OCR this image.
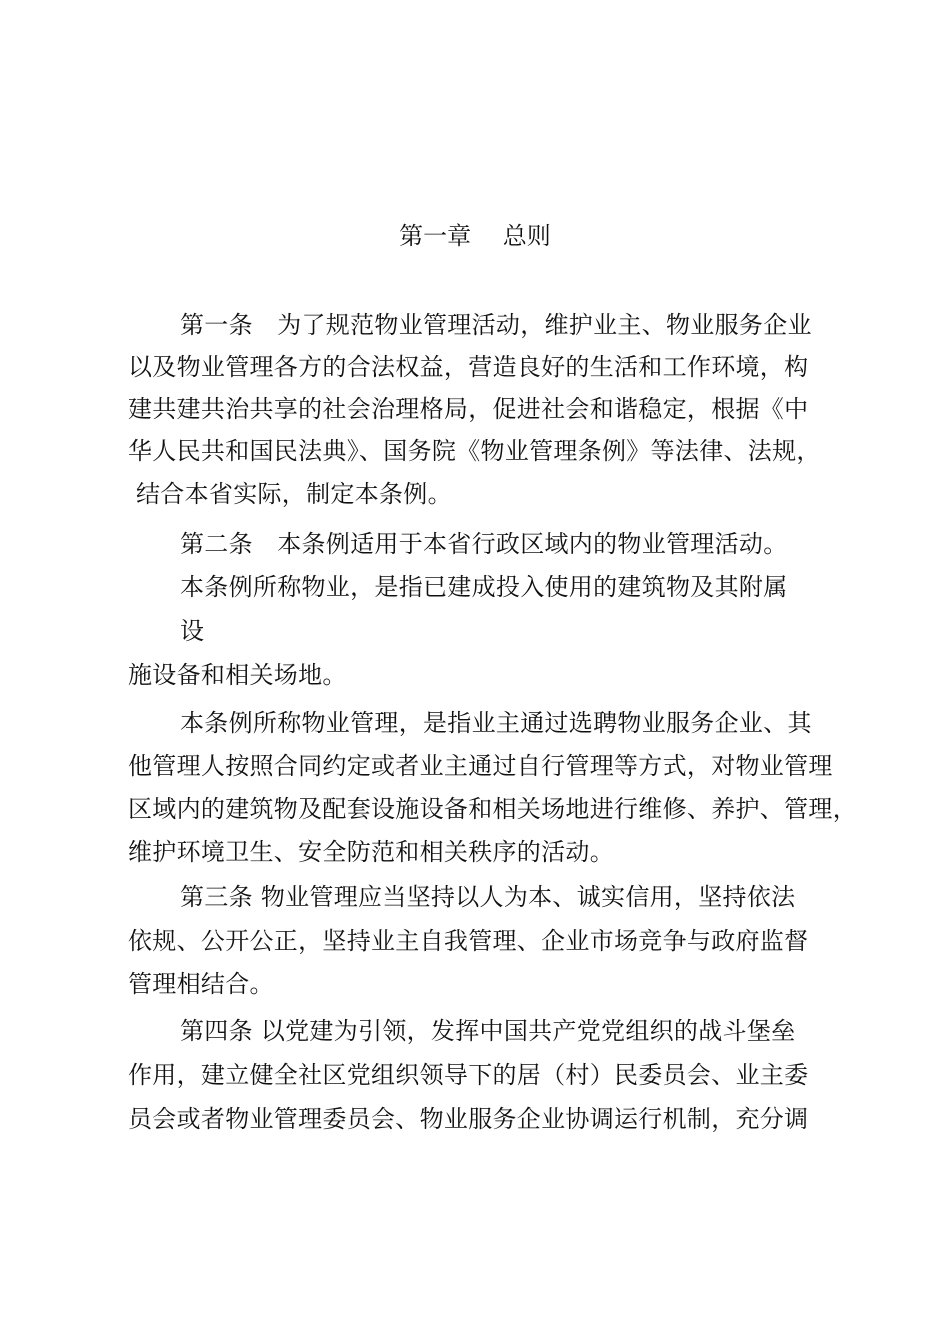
第一章　 总则
第一条　为了规范物业管理活动，维护业主、物业服务企业
以及物业管理各方的合法权益，营造良好的生活和工作环境，构
建共建共治共享的社会治理格局，促进社会和谐稳定，根据《中
华人民共和国民法典》、国务院《物业管理条例》等法律、法规，
结合本省实际，制定本条例。
第二条　本条例适用于本省行政区域内的物业管理活动。
本条例所称物业，是指已建成投入使用的建筑物及其附属
设
施设备和相关场地。
本条例所称物业管理，是指业主通过选聘物业服务企业、其
他管理人按照合同约定或者业主通过自行管理等方式，对物业管理
区域内的建筑物及配套设施设备和相关场地进行维修、养护、管理，
维护环境卫生、安全防范和相关秩序的活动。
第三条 物业管理应当坚持以人为本、诚实信用，坚持依法
依规、公开公正，坚持业主自我管理、企业市场竞争与政府监督
管理相结合。
第四条 以党建为引领，发挥中国共产党党组织的战斗堡垒
作用，建立健全社区党组织领导下的居（村）民委员会、业主委
员会或者物业管理委员会、物业服务企业协调运行机制，充分调
